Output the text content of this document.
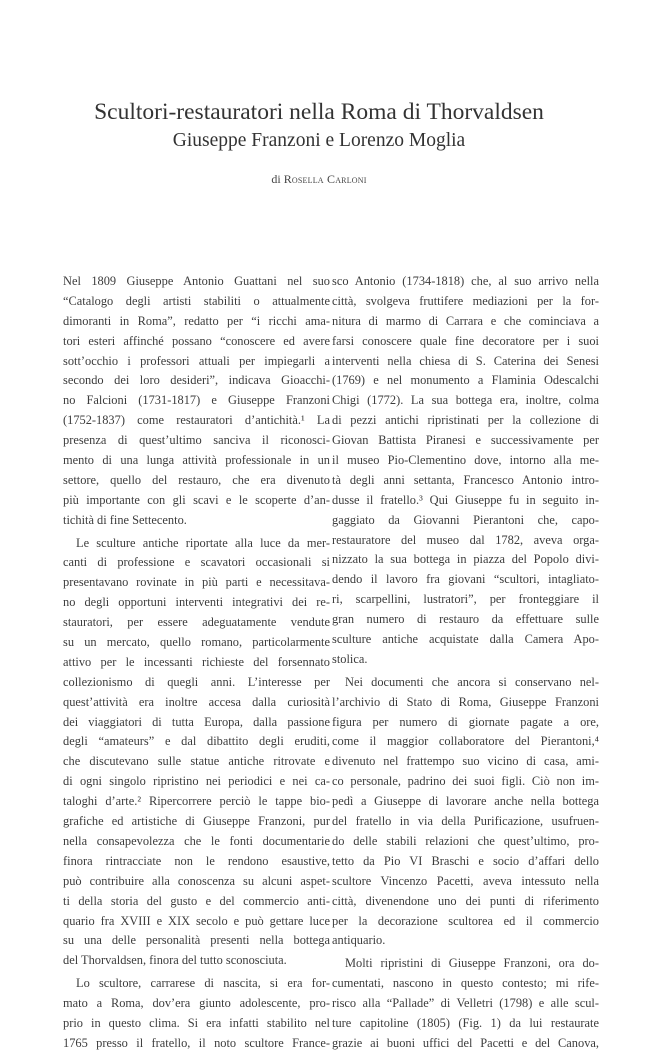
Scultori-restauratori nella Roma di Thorvaldsen
Giuseppe Franzoni e Lorenzo Moglia
di Rosella Carloni
Nel 1809 Giuseppe Antonio Guattani nel suo
“Catalogo degli artisti stabiliti o attualmente
dimoranti in Roma”, redatto per “i ricchi ama-
tori esteri affinché possano “conoscere ed avere
sott’occhio i professori attuali per impiegarli a
secondo dei loro desideri”, indicava Gioacchi-
no Falcioni (1731-1817) e Giuseppe Franzoni
(1752-1837) come restauratori d’antichità.¹ La
presenza di quest’ultimo sanciva il riconosci-
mento di una lunga attività professionale in un
settore, quello del restauro, che era divenuto
più importante con gli scavi e le scoperte d’an-
tichità di fine Settecento.
Le sculture antiche riportate alla luce da mer-
canti di professione e scavatori occasionali si
presentavano rovinate in più parti e necessitava-
no degli opportuni interventi integrativi dei re-
stauratori, per essere adeguatamente vendute
su un mercato, quello romano, particolarmente
attivo per le incessanti richieste del forsennato
collezionismo di quegli anni. L’interesse per
quest’attività era inoltre accesa dalla curiosità
dei viaggiatori di tutta Europa, dalla passione
degli “amateurs” e dal dibattito degli eruditi,
che discutevano sulle statue antiche ritrovate e
di ogni singolo ripristino nei periodici e nei ca-
taloghi d’arte.² Ripercorrere perciò le tappe bio-
grafiche ed artistiche di Giuseppe Franzoni, pur
nella consapevolezza che le fonti documentarie
finora rintracciate non le rendono esaustive,
può contribuire alla conoscenza su alcuni aspet-
ti della storia del gusto e del commercio anti-
quario fra XVIII e XIX secolo e può gettare luce
su una delle personalità presenti nella bottega
del Thorvaldsen, finora del tutto sconosciuta.
Lo scultore, carrarese di nascita, si era for-
mato a Roma, dov’era giunto adolescente, pro-
prio in questo clima. Si era infatti stabilito nel
1765 presso il fratello, il noto scultore France-
sco Antonio (1734-1818) che, al suo arrivo nella
città, svolgeva fruttifere mediazioni per la for-
nitura di marmo di Carrara e che cominciava a
farsi conoscere quale fine decoratore per i suoi
interventi nella chiesa di S. Caterina dei Senesi
(1769) e nel monumento a Flaminia Odescalchi
Chigi (1772). La sua bottega era, inoltre, colma
di pezzi antichi ripristinati per la collezione di
Giovan Battista Piranesi e successivamente per
il museo Pio-Clementino dove, intorno alla me-
tà degli anni settanta, Francesco Antonio intro-
dusse il fratello.³ Qui Giuseppe fu in seguito in-
gaggiato da Giovanni Pierantoni che, capo-
restauratore del museo dal 1782, aveva orga-
nizzato la sua bottega in piazza del Popolo divi-
dendo il lavoro fra giovani “scultori, intagliato-
ri, scarpellini, lustratori”, per fronteggiare il
gran numero di restauro da effettuare sulle
sculture antiche acquistate dalla Camera Apo-
stolica.
Nei documenti che ancora si conservano nel-
l’archivio di Stato di Roma, Giuseppe Franzoni
figura per numero di giornate pagate a ore,
come il maggior collaboratore del Pierantoni,⁴
divenuto nel frattempo suo vicino di casa, ami-
co personale, padrino dei suoi figli. Ciò non im-
pedì a Giuseppe di lavorare anche nella bottega
del fratello in via della Purificazione, usufruen-
do delle stabili relazioni che quest’ultimo, pro-
tetto da Pio VI Braschi e socio d’affari dello
scultore Vincenzo Pacetti, aveva intessuto nella
città, divenendone uno dei punti di riferimento
per la decorazione scultorea ed il commercio
antiquario.
Molti ripristini di Giuseppe Franzoni, ora do-
cumentati, nascono in questo contesto; mi rife-
risco alla “Pallade” di Velletri (1798) e alle scul-
ture capitoline (1805) (Fig. 1) da lui restaurate
grazie ai buoni uffici del Pacetti e del Canova,
